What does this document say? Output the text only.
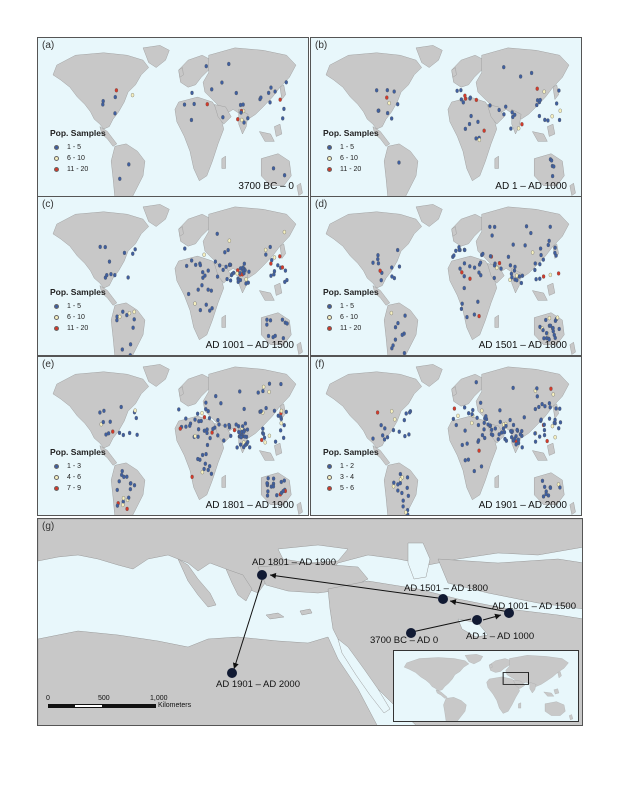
(a)
Pop. Samples
1 - 5
6 - 10
11 - 20
3700 BC – 0
(b)
Pop. Samples
1 - 5
6 - 10
11 - 20
AD 1 – AD 1000
(c)
Pop. Samples
1 - 5
6 - 10
11 - 20
AD 1001 – AD 1500
(d)
Pop. Samples
1 - 5
6 - 10
11 - 20
AD 1501 – AD 1800
(e)
Pop. Samples
1 - 3
4 - 6
7 - 9
AD 1801 – AD 1900
(f)
Pop. Samples
1 - 2
3 - 4
5 - 6
AD 1901 – AD 2000
3700 BC – AD 0	AD 1 – AD 1000
AD 1001 – AD 1500
AD 1501 – AD 1800
AD 1801 – AD 1900
AD 1901 – AD 2000
(g)
0	500	1,000
Kilometers
